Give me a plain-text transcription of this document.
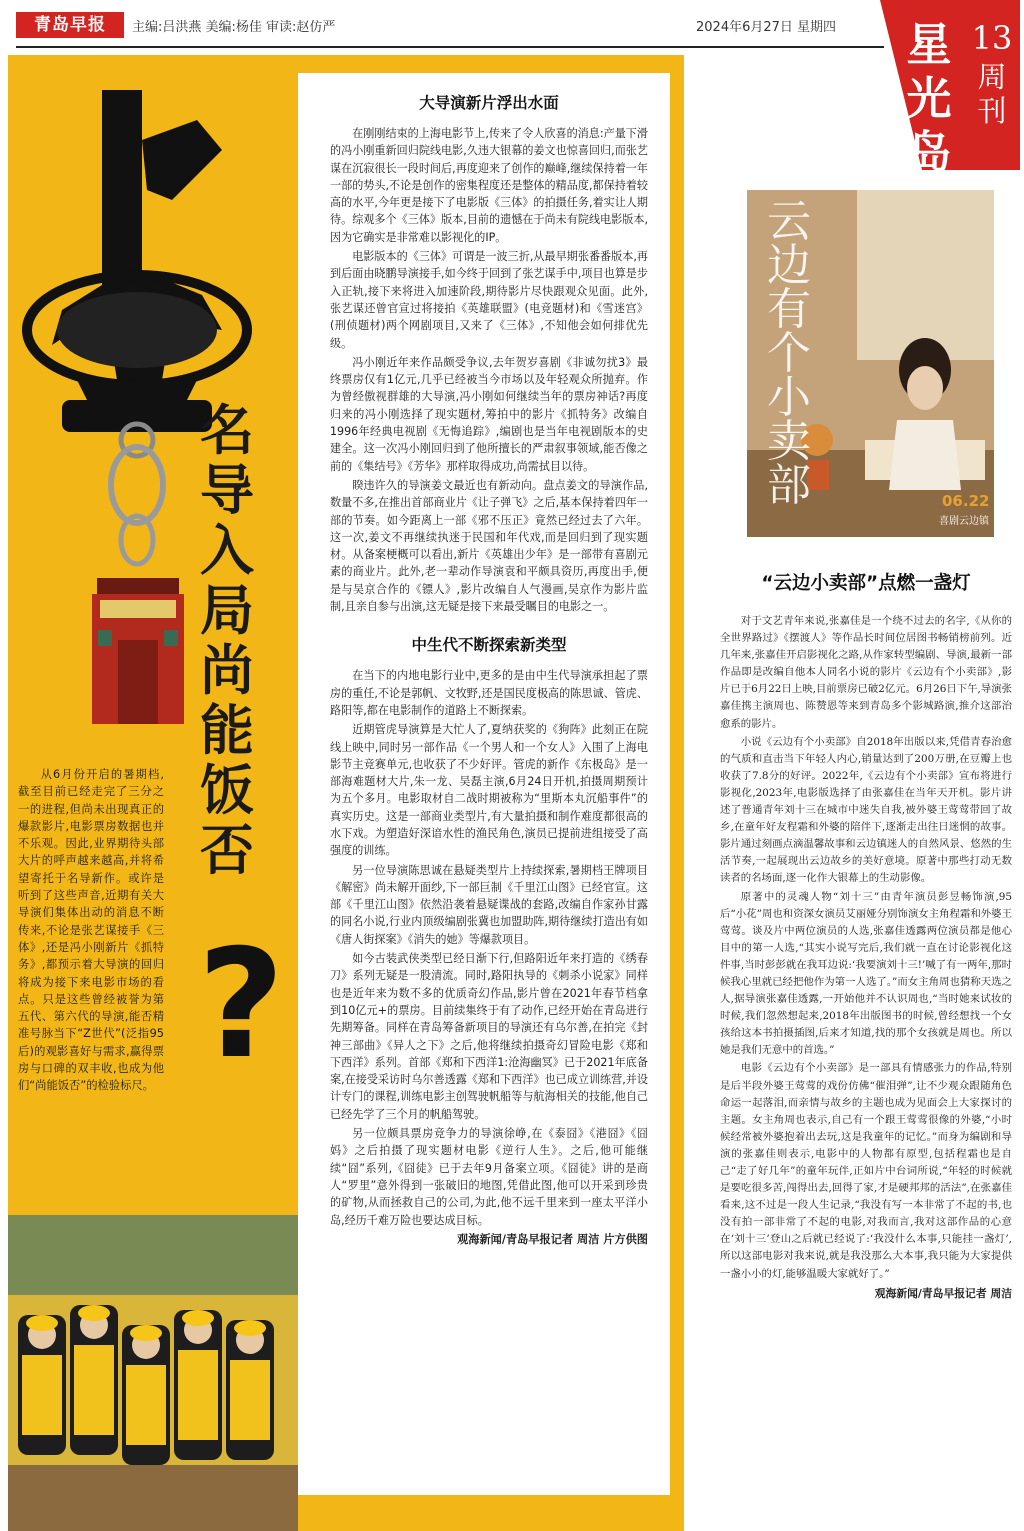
青岛早报	主编:吕洪燕 美编:杨佳 审读:赵仿严	2024年6月27日 星期四 星光岛
13
周刊
名导入局 尚能饭否
?
从6月份开启的暑期档,截至目前已经走完了三分之一的进程,但尚未出现真正的爆款影片,电影票房数据也并不乐观。因此,业界期待头部大片的呼声越来越高,并将希望寄托于名导新作。或许是听到了这些声音,近期有关大导演们集体出动的消息不断传来,不论是张艺谋接手《三体》,还是冯小刚新片《抓特务》,都预示着大导演的回归将成为接下来电影市场的看点。只是这些曾经被誉为第五代、第六代的导演,能否精准号脉当下“Z世代”(泛指95后)的观影喜好与需求,赢得票房与口碑的双丰收,也成为他们“尚能饭否”的检验标尺。
大导演新片浮出水面

在刚刚结束的上海电影节上,传来了令人欣喜的消息:产量下滑的冯小刚重新回归院线电影,久违大银幕的姜文也惊喜回归,而张艺谋在沉寂很长一段时间后,再度迎来了创作的巅峰,继续保持着一年一部的势头,不论是创作的密集程度还是整体的精品度,都保持着较高的水平,今年更是接下了电影版《三体》的拍摄任务,着实让人期待。综观多个《三体》版本,目前的遗憾在于尚未有院线电影版本,因为它确实是非常难以影视化的IP。

电影版本的《三体》可谓是一波三折,从最早期张番番版本,再到后面由晓鹏导演接手,如今终于回到了张艺谋手中,项目也算是步入正轨,接下来将进入加速阶段,期待影片尽快跟观众见面。此外,张艺谋还曾官宣过将接拍《英雄联盟》(电竞题材)和《雪迷宫》(刑侦题材)两个网剧项目,又来了《三体》,不知他会如何排优先级。

冯小刚近年来作品颇受争议,去年贺岁喜剧《非诚勿扰3》最终票房仅有1亿元,几乎已经被当今市场以及年轻观众所抛弃。作为曾经傲视群雄的大导演,冯小刚如何继续当年的票房神话?再度归来的冯小刚选择了现实题材,筹拍中的影片《抓特务》改编自1996年经典电视剧《无悔追踪》,编剧也是当年电视剧版本的史建全。这一次冯小刚回归到了他所擅长的严肃叙事领域,能否像之前的《集结号》《芳华》那样取得成功,尚需拭目以待。

睽违许久的导演姜文最近也有新动向。盘点姜文的导演作品,数量不多,在推出首部商业片《让子弹飞》之后,基本保持着四年一部的节奏。如今距离上一部《邪不压正》竟然已经过去了六年。这一次,姜文不再继续执迷于民国和年代戏,而是回归到了现实题材。从备案梗概可以看出,新片《英雄出少年》是一部带有喜剧元素的商业片。此外,老一辈动作导演袁和平颇具资历,再度出手,便是与吴京合作的《镖人》,影片改编自人气漫画,吴京作为影片监制,且亲自参与出演,这无疑是接下来最受瞩目的电影之一。

中生代不断探索新类型

在当下的内地电影行业中,更多的是由中生代导演承担起了票房的重任,不论是郭帆、文牧野,还是国民度极高的陈思诚、管虎、路阳等,都在电影制作的道路上不断探索。

近期管虎导演算是大忙人了,夏纳获奖的《狗阵》此刻正在院线上映中,同时另一部作品《一个男人和一个女人》入围了上海电影节主竞赛单元,也收获了不少好评。管虎的新作《东极岛》是一部海难题材大片,朱一龙、吴磊主演,6月24日开机,拍摄周期预计为五个多月。电影取材自二战时期被称为“里斯本丸沉船事件”的真实历史。这是一部商业类型片,有大量拍摄和制作难度都很高的水下戏。为塑造好深谙水性的渔民角色,演员已提前进组接受了高强度的训练。

另一位导演陈思诚在悬疑类型片上持续探索,暑期档王牌项目《解密》尚未解开面纱,下一部巨制《千里江山图》已经官宣。这部《千里江山图》依然沿袭着悬疑谍战的套路,改编自作家孙甘露的同名小说,行业内顶级编剧张冀也加盟助阵,期待继续打造出有如《唐人街探案》《消失的她》等爆款项目。

如今古装武侠类型已经日渐下行,但路阳近年来打造的《绣春刀》系列无疑是一股清流。同时,路阳执导的《刺杀小说家》同样也是近年来为数不多的优质奇幻作品,影片曾在2021年春节档拿到10亿元+的票房。目前续集终于有了动作,已经开始在青岛进行先期筹备。同样在青岛筹备新项目的导演还有乌尔善,在拍完《封神三部曲》《异人之下》之后,他将继续拍摄奇幻冒险电影《郑和下西洋》系列。首部《郑和下西洋1:沧海幽冥》已于2021年底备案,在接受采访时乌尔善透露《郑和下西洋》也已成立训练营,并设计专门的课程,训练电影主创驾驶帆船等与航海相关的技能,他自己已经先学了三个月的帆船驾驶。

另一位颇具票房竞争力的导演徐峥,在《泰囧》《港囧》《囧妈》之后拍摄了现实题材电影《逆行人生》。之后,他可能继续“囧”系列,《囧徒》已于去年9月备案立项。《囧徒》讲的是商人“罗里”意外得到一张破旧的地图,凭借此图,他可以开采到珍贵的矿物,从而拯救自己的公司,为此,他不远千里来到一座太平洋小岛,经历千难万险也要达成目标。

观海新闻/青岛早报记者 周洁 片方供图
云边有个小卖部	06.22
喜剧云边镇
“云边小卖部”点燃一盏灯

对于文艺青年来说,张嘉佳是一个绕不过去的名字,《从你的全世界路过》《摆渡人》等作品长时间位居图书畅销榜前列。近几年来,张嘉佳开启影视化之路,从作家转型编剧、导演,最新一部作品即是改编自他本人同名小说的影片《云边有个小卖部》,影片已于6月22日上映,目前票房已破2亿元。6月26日下午,导演张嘉佳携主演周也、陈赞恩等来到青岛多个影城路演,推介这部治愈系的影片。

小说《云边有个小卖部》自2018年出版以来,凭借青春治愈的气质和直击当下年轻人内心,销量达到了200万册,在豆瓣上也收获了7.8分的好评。2022年,《云边有个小卖部》宣布将进行影视化,2023年,电影版选择了由张嘉佳在当年天开机。影片讲述了普通青年刘十三在城市中迷失自我,被外婆王莺莺带回了故乡,在童年好友程霜和外婆的陪伴下,逐渐走出往日迷惘的故事。影片通过刻画点滴温馨故事和云边镇迷人的自然风景、悠然的生活节奏,一起展现出云边故乡的美好意境。原著中那些打动无数读者的名场面,逐一化作大银幕上的生动影像。

原著中的灵魂人物“刘十三”由青年演员彭昱畅饰演,95后“小花”周也和资深女演员艾丽娅分别饰演女主角程霜和外婆王莺莺。谈及片中两位演员的人选,张嘉佳透露两位演员都是他心目中的第一人选,“其实小说写完后,我们就一直在讨论影视化这件事,当时彭彭就在我耳边说:‘我要演刘十三!’喊了有一两年,那时候我心里就已经把他作为第一人选了。”而女主角周也猜称天选之人,据导演张嘉佳透露,一开始他并不认识周也,“当时她来试妆的时候,我们忽然想起来,2018年出版图书的时候,曾经想找一个女孩给这本书拍摄插图,后来才知道,找的那个女孩就是周也。所以她是我们无意中的首选。”

电影《云边有个小卖部》是一部具有情感张力的作品,特别是后半段外婆王莺莺的戏份仿佛“催泪弹”,让不少观众跟随角色命运一起落泪,而亲情与故乡的主题也成为见面会上大家探讨的主题。女主角周也表示,自己有一个跟王莺莺很像的外婆,“小时候经常被外婆抱着出去玩,这是我童年的记忆。”而身为编剧和导演的张嘉佳则表示,电影中的人物都有原型,包括程霜也是自己“走了好几年”的童年玩伴,正如片中台词所说,“年轻的时候就是要吃很多苦,闯得出去,回得了家,才是硬邦邦的活法”,在张嘉佳看来,这不过是一段人生记录,“我没有写一本非常了不起的书,也没有拍一部非常了不起的电影,对我而言,我对这部作品的心意在‘刘十三’登山之后就已经说了:‘我没什么本事,只能挂一盏灯’,所以这部电影对我来说,就是我没那么大本事,我只能为大家提供一盏小小的灯,能够温暖大家就好了。”

观海新闻/青岛早报记者 周洁
